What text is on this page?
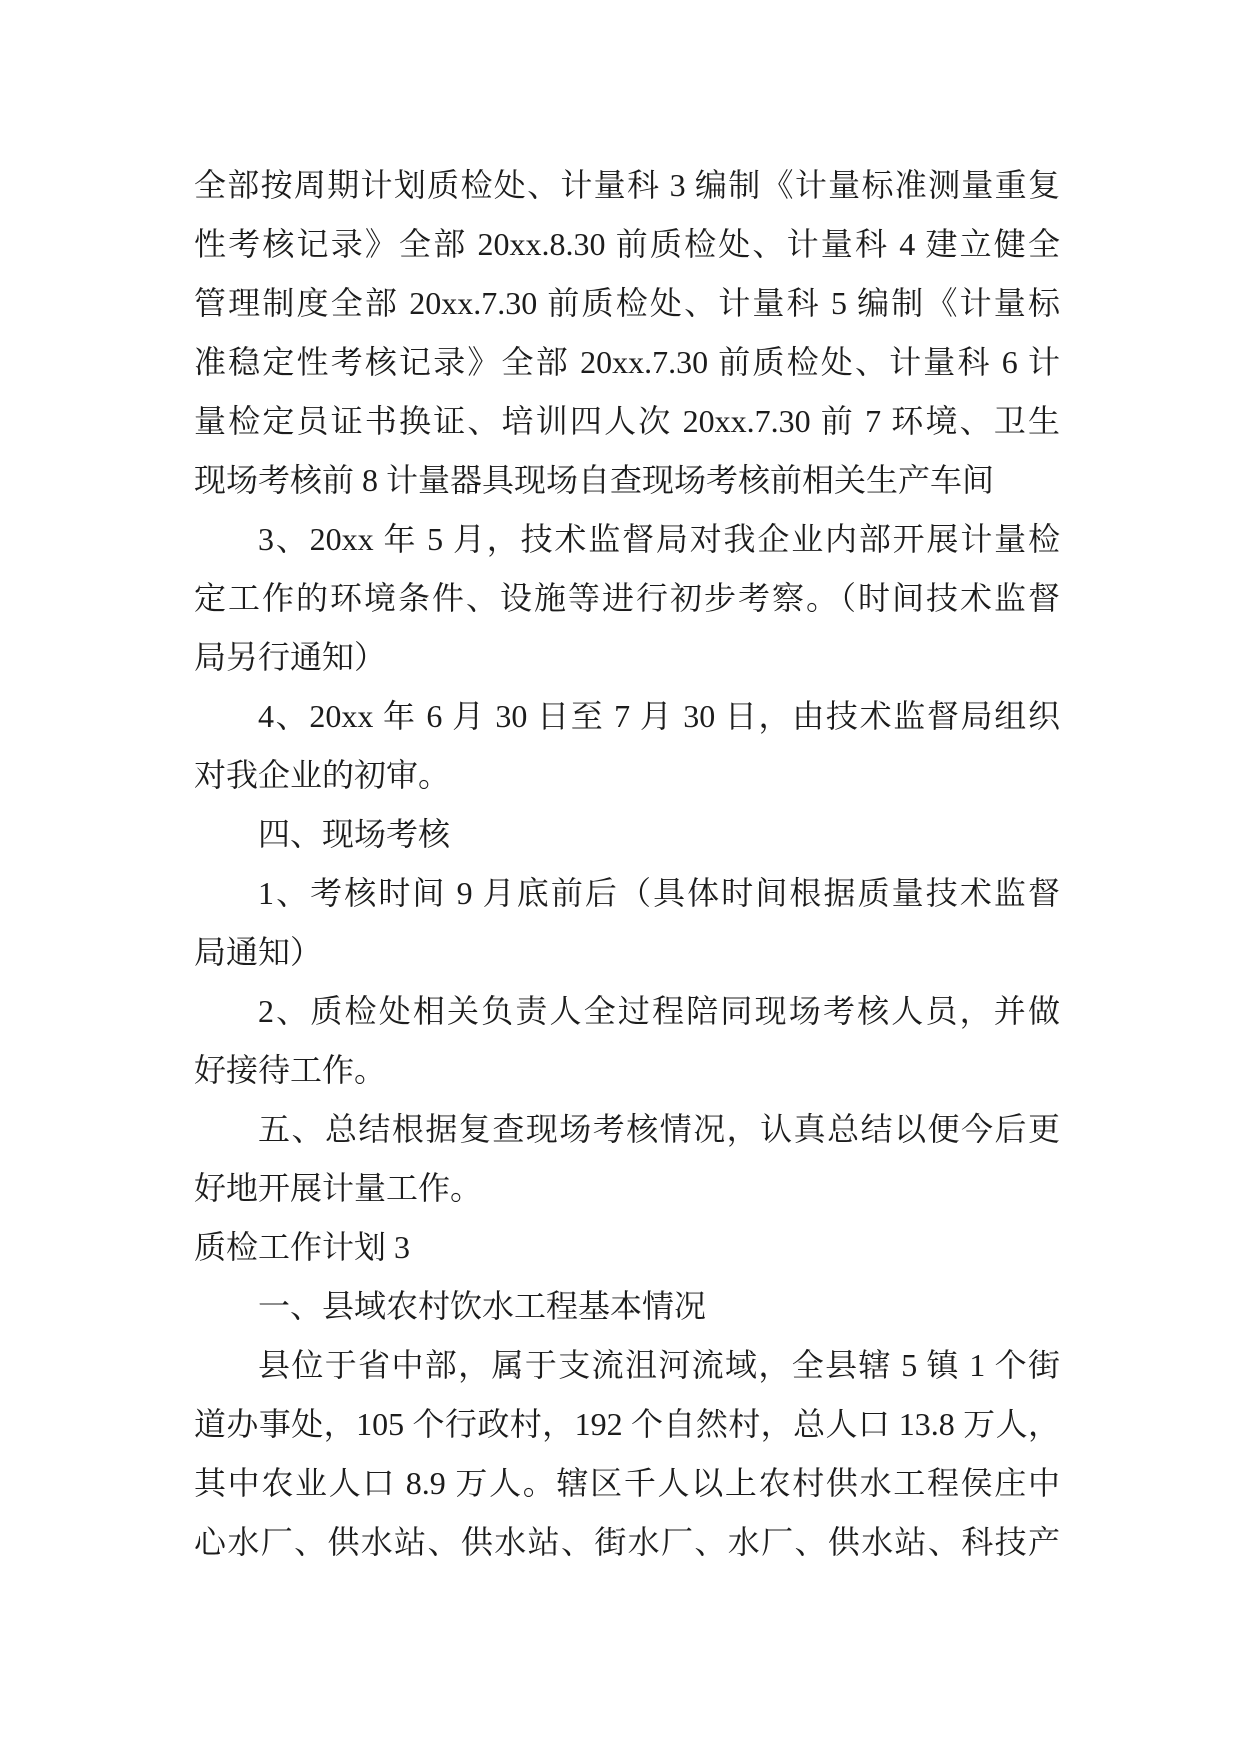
全部按周期计划质检处、计量科 3 编制《计量标准测量重复
性考核记录》全部 20xx.8.30 前质检处、计量科 4 建立健全
管理制度全部 20xx.7.30 前质检处、计量科 5 编制《计量标
准稳定性考核记录》全部 20xx.7.30 前质检处、计量科 6 计
量检定员证书换证、培训四人次 20xx.7.30 前 7 环境、卫生
现场考核前 8 计量器具现场自查现场考核前相关生产车间
3、20xx 年 5 月，技术监督局对我企业内部开展计量检
定工作的环境条件、设施等进行初步考察。（时间技术监督
局另行通知）
4、20xx 年 6 月 30 日至 7 月 30 日，由技术监督局组织
对我企业的初审。
四、现场考核
1、考核时间 9 月底前后（具体时间根据质量技术监督
局通知）
2、质检处相关负责人全过程陪同现场考核人员，并做
好接待工作。
五、总结根据复查现场考核情况，认真总结以便今后更
好地开展计量工作。
质检工作计划 3
一、县域农村饮水工程基本情况
县位于省中部，属于支流沮河流域，全县辖 5 镇 1 个街
道办事处，105 个行政村，192 个自然村，总人口 13.8 万人，
其中农业人口 8.9 万人。辖区千人以上农村供水工程侯庄中
心水厂、供水站、供水站、街水厂、水厂、供水站、科技产
